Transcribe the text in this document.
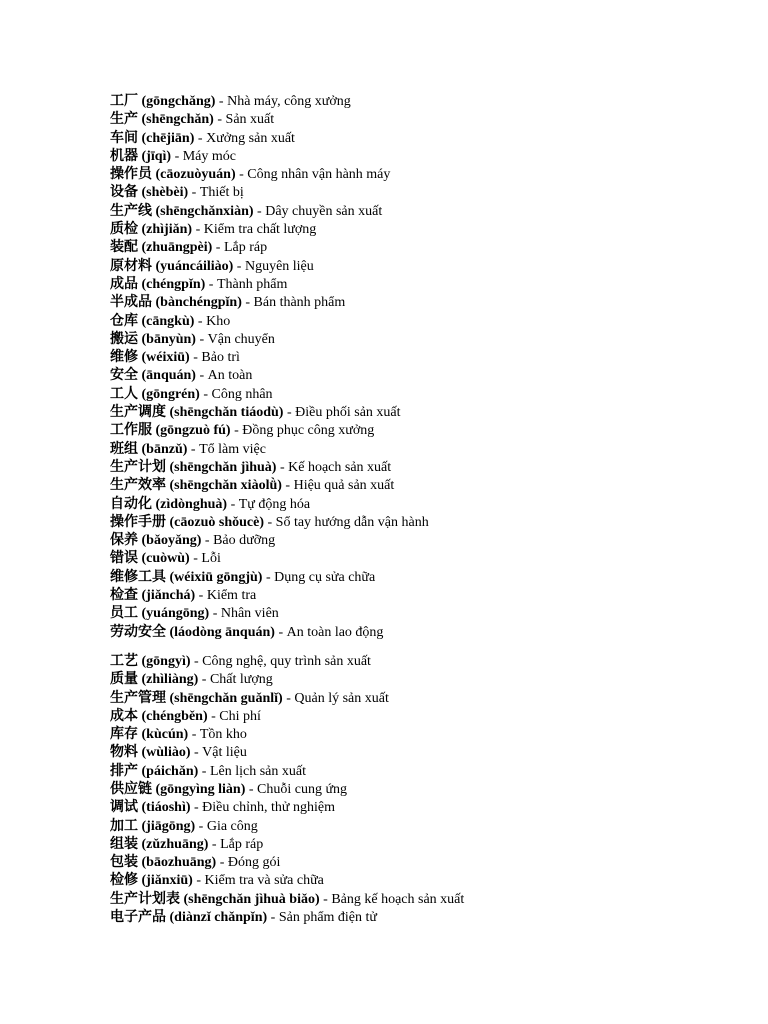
工厂 (gōngchǎng) - Nhà máy, công xưởng
生产 (shēngchǎn) - Sản xuất
车间 (chējiān) - Xưởng sản xuất
机器 (jīqì) - Máy móc
操作员 (cāozuòyuán) - Công nhân vận hành máy
设备 (shèbèi) - Thiết bị
生产线 (shēngchǎnxiàn) - Dây chuyền sản xuất
质检 (zhìjiǎn) - Kiểm tra chất lượng
装配 (zhuāngpèi) - Lắp ráp
原材料 (yuáncáiliào) - Nguyên liệu
成品 (chéngpǐn) - Thành phẩm
半成品 (bànchéngpǐn) - Bán thành phẩm
仓库 (cāngkù) - Kho
搬运 (bānyùn) - Vận chuyển
维修 (wéixiū) - Bảo trì
安全 (ānquán) - An toàn
工人 (gōngrén) - Công nhân
生产调度 (shēngchǎn tiáodù) - Điều phối sản xuất
工作服 (gōngzuò fú) - Đồng phục công xưởng
班组 (bānzǔ) - Tổ làm việc
生产计划 (shēngchǎn jìhuà) - Kế hoạch sản xuất
生产效率 (shēngchǎn xiàolǜ) - Hiệu quả sản xuất
自动化 (zìdònghuà) - Tự động hóa
操作手册 (cāozuò shǒucè) - Sổ tay hướng dẫn vận hành
保养 (bǎoyǎng) - Bảo dưỡng
错误 (cuòwù) - Lỗi
维修工具 (wéixiū gōngjù) - Dụng cụ sửa chữa
检查 (jiǎnchá) - Kiểm tra
员工 (yuángōng) - Nhân viên
劳动安全 (láodòng ānquán) - An toàn lao động
工艺 (gōngyì) - Công nghệ, quy trình sản xuất
质量 (zhìliàng) - Chất lượng
生产管理 (shēngchǎn guǎnlǐ) - Quản lý sản xuất
成本 (chéngběn) - Chi phí
库存 (kùcún) - Tồn kho
物料 (wùliào) - Vật liệu
排产 (páichǎn) - Lên lịch sản xuất
供应链 (gōngyìng liàn) - Chuỗi cung ứng
调试 (tiáoshì) - Điều chỉnh, thử nghiệm
加工 (jiāgōng) - Gia công
组装 (zǔzhuāng) - Lắp ráp
包装 (bāozhuāng) - Đóng gói
检修 (jiǎnxiū) - Kiểm tra và sửa chữa
生产计划表 (shēngchǎn jìhuà biǎo) - Bảng kế hoạch sản xuất
电子产品 (diànzǐ chǎnpǐn) - Sản phẩm điện tử
